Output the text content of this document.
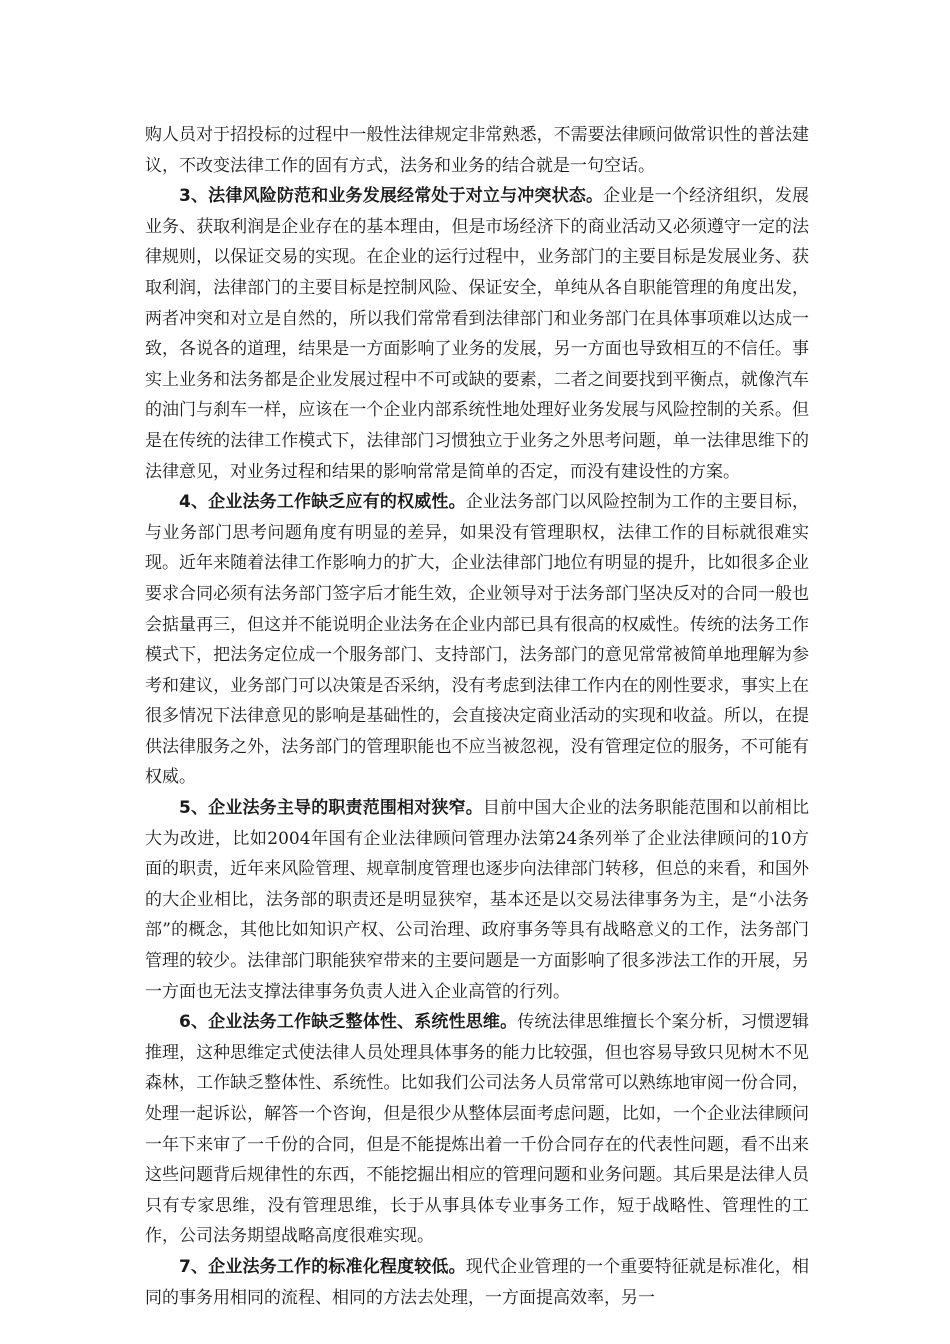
购人员对于招投标的过程中一般性法律规定非常熟悉，不需要法律顾问做常识性的普法建议，不改变法律工作的固有方式，法务和业务的结合就是一句空话。

3、法律风险防范和业务发展经常处于对立与冲突状态。企业是一个经济组织，发展业务、获取利润是企业存在的基本理由，但是市场经济下的商业活动又必须遵守一定的法律规则，以保证交易的实现。在企业的运行过程中，业务部门的主要目标是发展业务、获取利润，法律部门的主要目标是控制风险、保证安全，单纯从各自职能管理的角度出发，两者冲突和对立是自然的，所以我们常常看到法律部门和业务部门在具体事项难以达成一致，各说各的道理，结果是一方面影响了业务的发展，另一方面也导致相互的不信任。事实上业务和法务都是企业发展过程中不可或缺的要素，二者之间要找到平衡点，就像汽车的油门与刹车一样，应该在一个企业内部系统性地处理好业务发展与风险控制的关系。但是在传统的法律工作模式下，法律部门习惯独立于业务之外思考问题，单一法律思维下的法律意见，对业务过程和结果的影响常常是简单的否定，而没有建设性的方案。

4、企业法务工作缺乏应有的权威性。企业法务部门以风险控制为工作的主要目标，与业务部门思考问题角度有明显的差异，如果没有管理职权，法律工作的目标就很难实现。近年来随着法律工作影响力的扩大，企业法律部门地位有明显的提升，比如很多企业要求合同必须有法务部门签字后才能生效，企业领导对于法务部门坚决反对的合同一般也会掂量再三，但这并不能说明企业法务在企业内部已具有很高的权威性。传统的法务工作模式下，把法务定位成一个服务部门、支持部门，法务部门的意见常常被简单地理解为参考和建议，业务部门可以决策是否采纳，没有考虑到法律工作内在的刚性要求，事实上在很多情况下法律意见的影响是基础性的，会直接决定商业活动的实现和收益。所以，在提供法律服务之外，法务部门的管理职能也不应当被忽视，没有管理定位的服务，不可能有权威。

5、企业法务主导的职责范围相对狭窄。目前中国大企业的法务职能范围和以前相比大为改进，比如2004年国有企业法律顾问管理办法第24条列举了企业法律顾问的10方面的职责，近年来风险管理、规章制度管理也逐步向法律部门转移，但总的来看，和国外的大企业相比，法务部的职责还是明显狭窄，基本还是以交易法律事务为主，是“小法务部”的概念，其他比如知识产权、公司治理、政府事务等具有战略意义的工作，法务部门管理的较少。法律部门职能狭窄带来的主要问题是一方面影响了很多涉法工作的开展，另一方面也无法支撑法律事务负责人进入企业高管的行列。

6、企业法务工作缺乏整体性、系统性思维。传统法律思维擅长个案分析，习惯逻辑推理，这种思维定式使法律人员处理具体事务的能力比较强，但也容易导致只见树木不见森林，工作缺乏整体性、系统性。比如我们公司法务人员常常可以熟练地审阅一份合同，处理一起诉讼，解答一个咨询，但是很少从整体层面考虑问题，比如，一个企业法律顾问一年下来审了一千份的合同，但是不能提炼出着一千份合同存在的代表性问题，看不出来这些问题背后规律性的东西，不能挖掘出相应的管理问题和业务问题。其后果是法律人员只有专家思维，没有管理思维，长于从事具体专业事务工作，短于战略性、管理性的工作，公司法务期望战略高度很难实现。

7、企业法务工作的标准化程度较低。现代企业管理的一个重要特征就是标准化，相同的事务用相同的流程、相同的方法去处理，一方面提高效率，另一
